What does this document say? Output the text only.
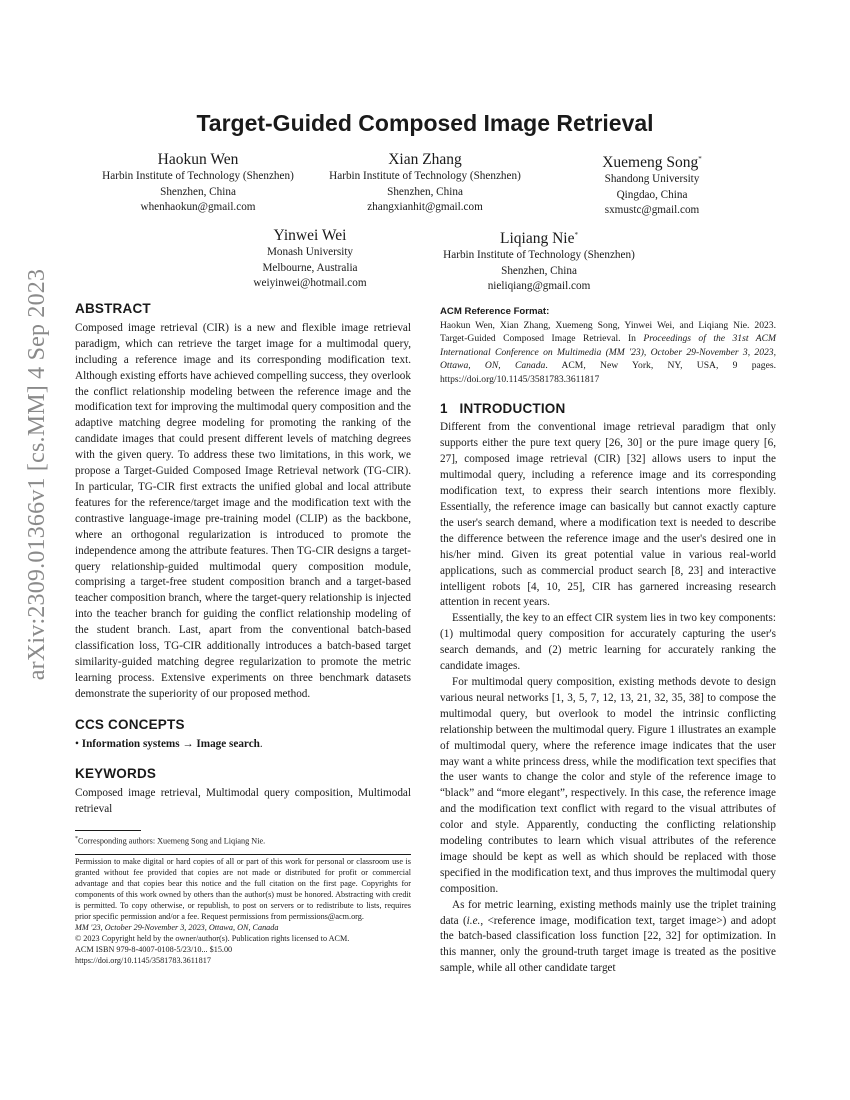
arXiv:2309.01366v1 [cs.MM] 4 Sep 2023
Target-Guided Composed Image Retrieval
Haokun Wen
Harbin Institute of Technology (Shenzhen)
Shenzhen, China
whenhaokun@gmail.com
Xian Zhang
Harbin Institute of Technology (Shenzhen)
Shenzhen, China
zhangxianhit@gmail.com
Xuemeng Song*
Shandong University
Qingdao, China
sxmustc@gmail.com
Yinwei Wei
Monash University
Melbourne, Australia
weiyinwei@hotmail.com
Liqiang Nie*
Harbin Institute of Technology (Shenzhen)
Shenzhen, China
nieliqiang@gmail.com
ABSTRACT

Composed image retrieval (CIR) is a new and flexible image retrieval paradigm, which can retrieve the target image for a multimodal query, including a reference image and its corresponding modification text. Although existing efforts have achieved compelling success, they overlook the conflict relationship modeling between the reference image and the modification text for improving the multimodal query composition and the adaptive matching degree modeling for promoting the ranking of the candidate images that could present different levels of matching degrees with the given query. To address these two limitations, in this work, we propose a Target-Guided Composed Image Retrieval network (TG-CIR). In particular, TG-CIR first extracts the unified global and local attribute features for the reference/target image and the modification text with the contrastive language-image pre-training model (CLIP) as the backbone, where an orthogonal regularization is introduced to promote the independence among the attribute features. Then TG-CIR designs a target-query relationship-guided multimodal query composition module, comprising a target-free student composition branch and a target-based teacher composition branch, where the target-query relationship is injected into the teacher branch for guiding the conflict relationship modeling of the student branch. Last, apart from the conventional batch-based classification loss, TG-CIR additionally introduces a batch-based target similarity-guided matching degree regularization to promote the metric learning process. Extensive experiments on three benchmark datasets demonstrate the superiority of our proposed method.

CCS CONCEPTS

• Information systems → Image search.

KEYWORDS

Composed image retrieval, Multimodal query composition, Multimodal retrieval

*Corresponding authors: Xuemeng Song and Liqiang Nie.

Permission to make digital or hard copies of all or part of this work for personal or classroom use is granted without fee provided that copies are not made or distributed for profit or commercial advantage and that copies bear this notice and the full citation on the first page. Copyrights for components of this work owned by others than the author(s) must be honored. Abstracting with credit is permitted. To copy otherwise, or republish, to post on servers or to redistribute to lists, requires prior specific permission and/or a fee. Request permissions from permissions@acm.org.

MM '23, October 29-November 3, 2023, Ottawa, ON, Canada
© 2023 Copyright held by the owner/author(s). Publication rights licensed to ACM.
ACM ISBN 979-8-4007-0108-5/23/10... $15.00
https://doi.org/10.1145/3581783.3611817
ACM Reference Format:

Haokun Wen, Xian Zhang, Xuemeng Song, Yinwei Wei, and Liqiang Nie. 2023. Target-Guided Composed Image Retrieval. In Proceedings of the 31st ACM International Conference on Multimedia (MM '23), October 29-November 3, 2023, Ottawa, ON, Canada. ACM, New York, NY, USA, 9 pages. https://doi.org/10.1145/3581783.3611817

1   INTRODUCTION

Different from the conventional image retrieval paradigm that only supports either the pure text query [26, 30] or the pure image query [6, 27], composed image retrieval (CIR) [32] allows users to input the multimodal query, including a reference image and its corresponding modification text, to express their search intentions more flexibly. Essentially, the reference image can basically but cannot exactly capture the user's search demand, where a modification text is needed to describe the difference between the reference image and the user's desired one in his/her mind. Given its great potential value in various real-world applications, such as commercial product search [8, 23] and interactive intelligent robots [4, 10, 25], CIR has garnered increasing research attention in recent years.

Essentially, the key to an effect CIR system lies in two key components: (1) multimodal query composition for accurately capturing the user's search demands, and (2) metric learning for accurately ranking the candidate images.

For multimodal query composition, existing methods devote to design various neural networks [1, 3, 5, 7, 12, 13, 21, 32, 35, 38] to compose the multimodal query, but overlook to model the intrinsic conflicting relationship between the multimodal query. Figure 1 illustrates an example of multimodal query, where the reference image indicates that the user may want a white princess dress, while the modification text specifies that the user wants to change the color and style of the reference image to “black” and “more elegant”, respectively. In this case, the reference image and the modification text conflict with regard to the visual attributes of color and style. Apparently, conducting the conflicting relationship modeling contributes to learn which visual attributes of the reference image should be kept as well as which should be replaced with those specified in the modification text, and thus improves the multimodal query composition.

As for metric learning, existing methods mainly use the triplet training data (i.e., <reference image, modification text, target image>) and adopt the batch-based classification loss function [22, 32] for optimization. In this manner, only the ground-truth target image is treated as the positive sample, while all other candidate target
